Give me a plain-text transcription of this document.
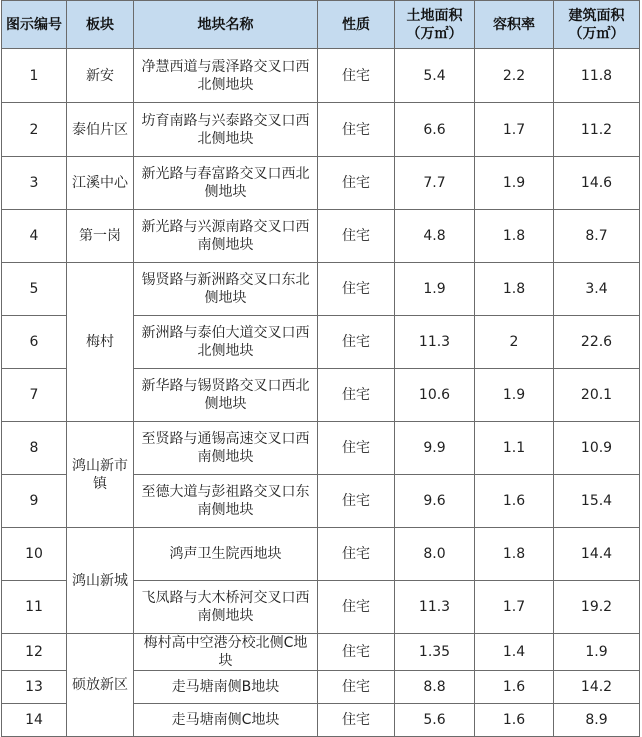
图示编号	板块	地块名称	性质	土地面积（万㎡）	容积率	建筑面积（万㎡）
1	新安	净慧西道与震泽路交叉口西北侧地块	住宅	5.4	2.2	11.8
2	泰伯片区	坊育南路与兴泰路交叉口西北侧地块	住宅	6.6	1.7	11.2
3	江溪中心	新光路与春富路交叉口西北侧地块	住宅	7.7	1.9	14.6
4	第一岗	新光路与兴源南路交叉口西南侧地块	住宅	4.8	1.8	8.7
5	梅村	锡贤路与新洲路交叉口东北侧地块	住宅	1.9	1.8	3.4
6		新洲路与泰伯大道交叉口西北侧地块	住宅	11.3	2	22.6
7		新华路与锡贤路交叉口西北侧地块	住宅	10.6	1.9	20.1
8	鸿山新市镇	至贤路与通锡高速交叉口西南侧地块	住宅	9.9	1.1	10.9
9		至德大道与彭祖路交叉口东南侧地块	住宅	9.6	1.6	15.4
10	鸿山新城	鸿声卫生院西地块	住宅	8.0	1.8	14.4
11		飞凤路与大木桥河交叉口西南侧地块	住宅	11.3	1.7	19.2
12	硕放新区	梅村高中空港分校北侧C地块	住宅	1.35	1.4	1.9
13		走马塘南侧B地块	住宅	8.8	1.6	14.2
14		走马塘南侧C地块	住宅	5.6	1.6	8.9
